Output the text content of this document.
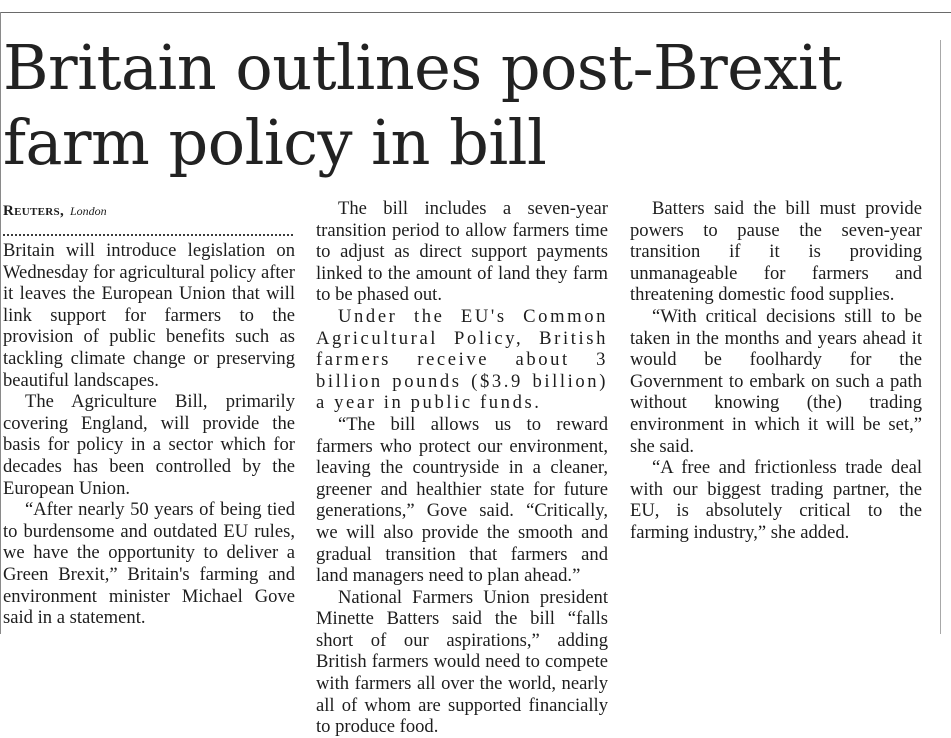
Britain outlines post-Brexit farm policy in bill

Reuters, London

Britain will introduce legislation on Wednesday for agricultural policy after it leaves the European Union that will link support for farmers to the provision of public benefits such as tackling climate change or preserving beautiful landscapes.

The Agriculture Bill, primarily covering England, will provide the basis for policy in a sector which for decades has been controlled by the European Union.

“After nearly 50 years of being tied to burdensome and outdated EU rules, we have the opportunity to deliver a Green Brexit,” Britain's farming and environment minister Michael Gove said in a statement.

The bill includes a seven-year transition period to allow farmers time to adjust as direct support payments linked to the amount of land they farm to be phased out.

Under the EU's Common Agricultural Policy, British farmers receive about 3 billion pounds ($3.9 billion) a year in public funds.

“The bill allows us to reward farmers who protect our environment, leaving the countryside in a cleaner, greener and healthier state for future generations,” Gove said. “Critically, we will also provide the smooth and gradual transition that farmers and land managers need to plan ahead.”

National Farmers Union president Minette Batters said the bill “falls short of our aspirations,” adding British farmers would need to compete with farmers all over the world, nearly all of whom are supported financially to produce food.

Batters said the bill must provide powers to pause the seven-year transition if it is providing unmanageable for farmers and threatening domestic food supplies.

“With critical decisions still to be taken in the months and years ahead it would be foolhardy for the Government to embark on such a path without knowing (the) trading environment in which it will be set,” she said.

“A free and frictionless trade deal with our biggest trading partner, the EU, is absolutely critical to the farming industry,” she added.
